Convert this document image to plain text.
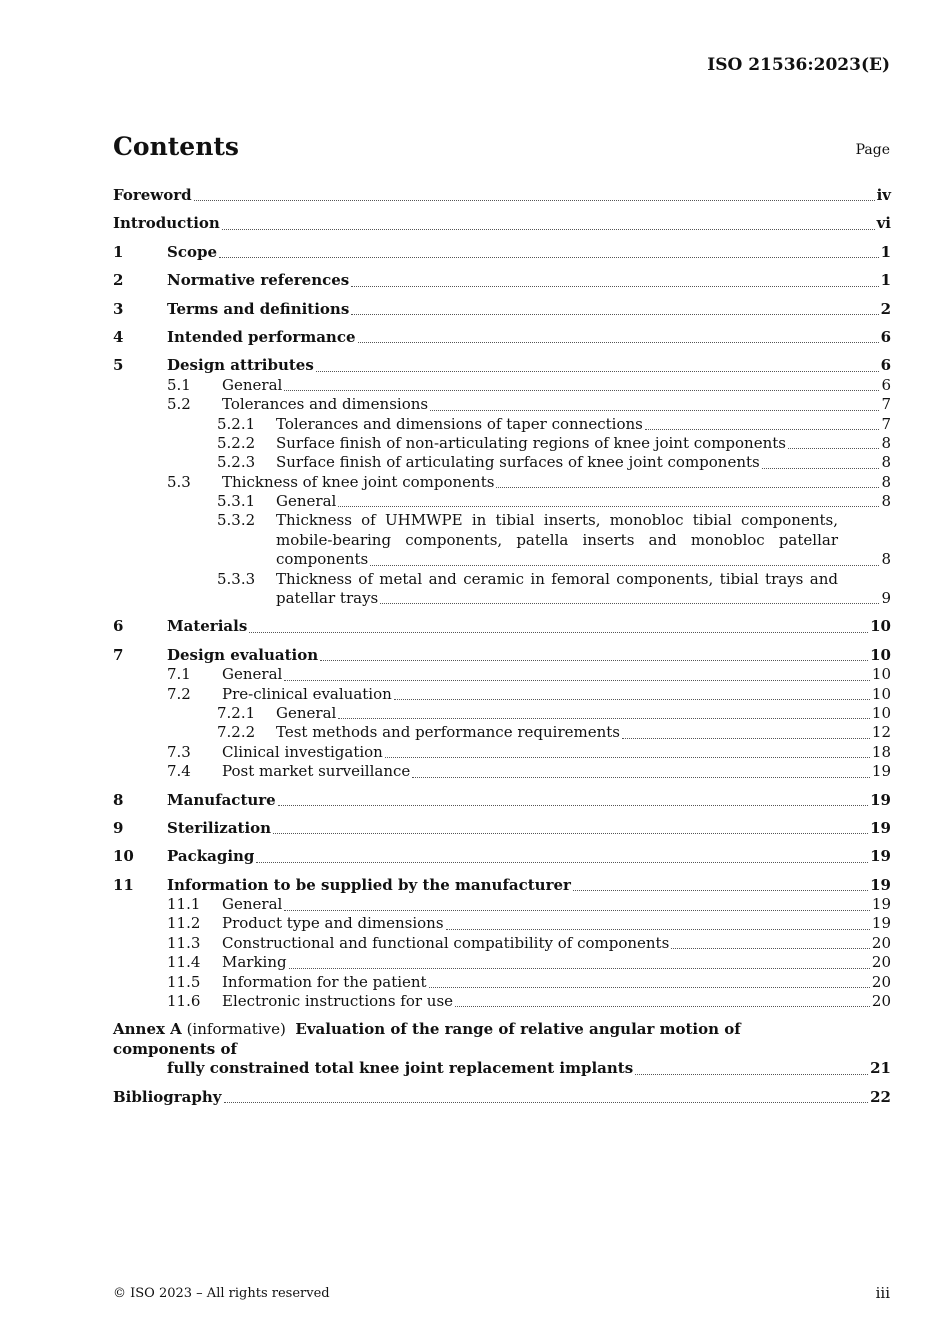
ISO 21536:2023(E)
Contents	Page
Foreword	iv
Introduction	vi
1	Scope	1
2	Normative references	1
3	Terms and definitions	2
4	Intended performance	6
5	Design attributes	6
5.1	General	6
5.2	Tolerances and dimensions	7
5.2.1	Tolerances and dimensions of taper connections	7
5.2.2	Surface finish of non-articulating regions of knee joint components	8
5.2.3	Surface finish of articulating surfaces of knee joint components	8
5.3	Thickness of knee joint components	8
5.3.1	General	8
5.3.2	Thickness of UHMWPE in tibial inserts, monobloc tibial components,
mobile-bearing components, patella inserts and monobloc patellar
components	8
5.3.3	Thickness of metal and ceramic in femoral components, tibial trays and
patellar trays	9
6	Materials	10
7	Design evaluation	10
7.1	General	10
7.2	Pre-clinical evaluation	10
7.2.1	General	10
7.2.2	Test methods and performance requirements	12
7.3	Clinical investigation	18
7.4	Post market surveillance	19
8	Manufacture	19
9	Sterilization	19
10	Packaging	19
11	Information to be supplied by the manufacturer	19
11.1	General	19
11.2	Product type and dimensions	19
11.3	Constructional and functional compatibility of components	20
11.4	Marking	20
11.5	Information for the patient	20
11.6	Electronic instructions for use	20
Annex A (informative) Evaluation of the range of relative angular motion of components of
fully constrained total knee joint replacement implants	21
Bibliography	22
© ISO 2023 – All rights reserved	iii
